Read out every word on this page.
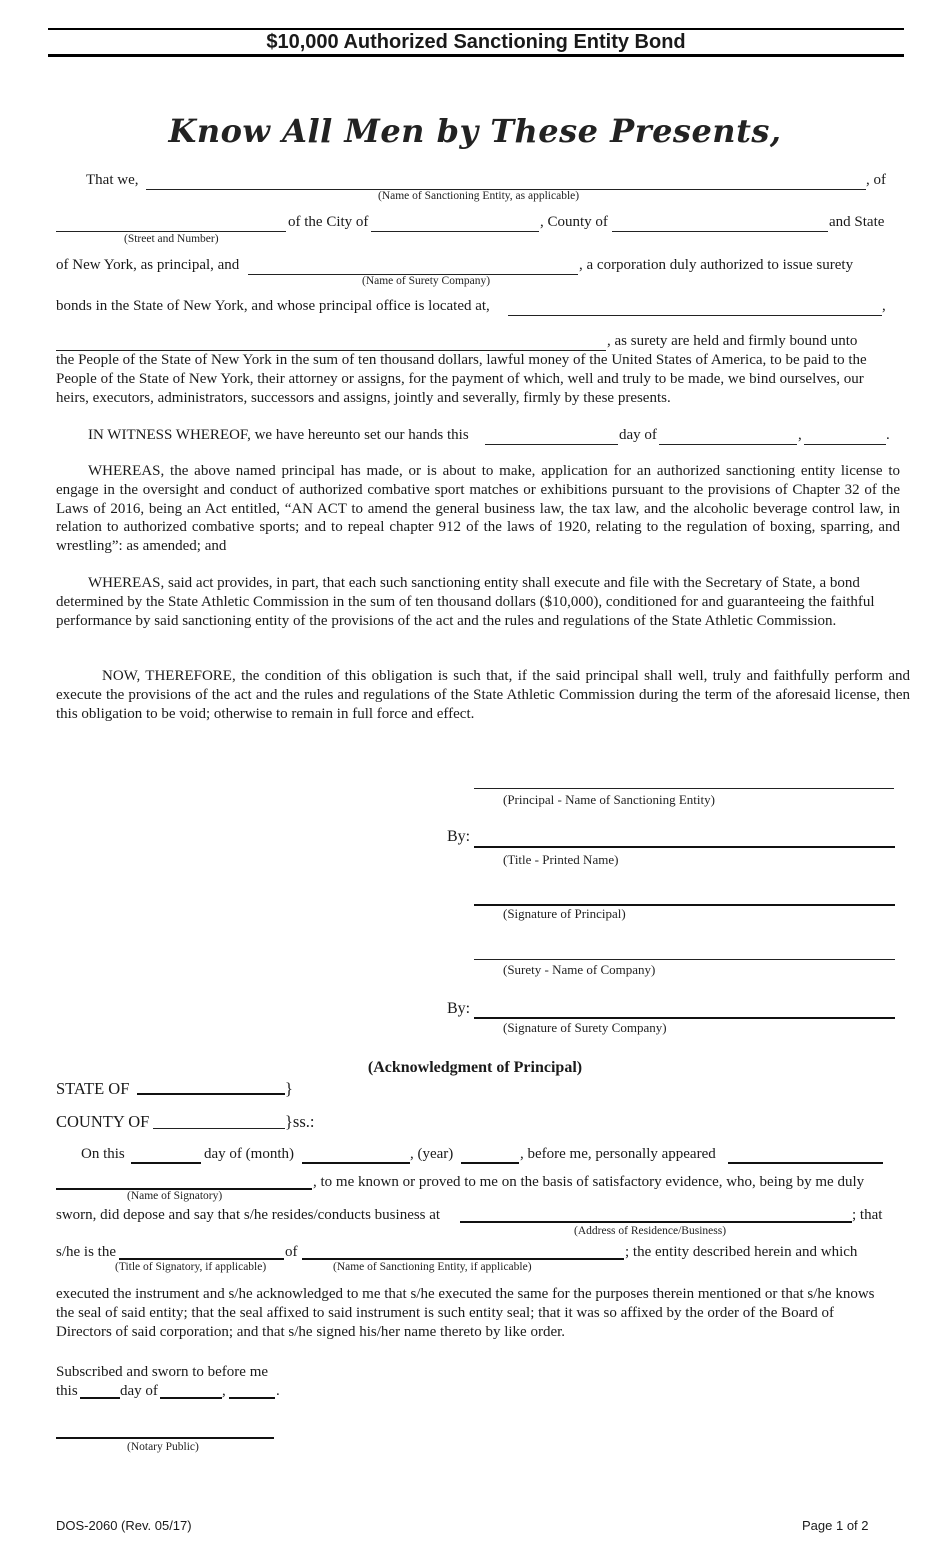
$10,000 Authorized Sanctioning Entity Bond
Know All Men by These Presents,
That we,	, of
(Name of Sanctioning Entity, as applicable)
of the City of	, County of	and State
(Street and Number)
of New York, as principal, and	, a corporation duly authorized to issue surety
(Name of Surety Company)
bonds in the State of New York, and whose principal office is located at,	,
, as surety are held and firmly bound unto
the People of the State of New York in the sum of ten thousand dollars, lawful money of the United States of America, to be paid to the People of the State of New York, their attorney or assigns, for the payment of which, well and truly to be made, we bind ourselves, our heirs, executors, administrators, successors and assigns, jointly and severally, firmly by these presents.
IN WITNESS WHEREOF, we have hereunto set our hands this	day of	,	.
WHEREAS, the above named principal has made, or is about to make, application for an authorized sanctioning entity license to engage in the oversight and conduct of authorized combative sport matches or exhibitions pursuant to the provisions of Chapter 32 of the Laws of 2016, being an Act entitled, “AN ACT to amend the general business law, the tax law, and the alcoholic beverage control law, in relation to authorized combative sports; and to repeal chapter 912 of the laws of 1920, relating to the regulation of boxing, sparring, and wrestling”: as amended; and
WHEREAS, said act provides, in part, that each such sanctioning entity shall execute and file with the Secretary of State, a bond determined by the State Athletic Commission in the sum of ten thousand dollars ($10,000), conditioned for and guaranteeing the faithful performance by said sanctioning entity of the provisions of the act and the rules and regulations of the State Athletic Commission.
NOW, THEREFORE, the condition of this obligation is such that, if the said principal shall well, truly and faithfully perform and execute the provisions of the act and the rules and regulations of the State Athletic Commission during the term of the aforesaid license, then this obligation to be void; otherwise to remain in full force and effect.
(Principal - Name of Sanctioning Entity)
By:
(Title - Printed Name)
(Signature of Principal)
(Surety - Name of Company)
By:
(Signature of Surety Company)
(Acknowledgment of Principal)
STATE OF	}
COUNTY OF	}ss.:
On this	day of (month)	, (year)	, before me, personally appeared
, to me known or proved to me on the basis of satisfactory evidence, who, being by me duly
(Name of Signatory)
sworn, did depose and say that s/he resides/conducts business at	; that
(Address of Residence/Business)
s/he is the	of	; the entity described herein and which
(Title of Signatory, if applicable)	(Name of Sanctioning Entity, if applicable)
executed the instrument and s/he acknowledged to me that s/he executed the same for the purposes therein mentioned or that s/he knows the seal of said entity; that the seal affixed to said instrument is such entity seal; that it was so affixed by the order of the Board of Directors of said corporation; and that s/he signed his/her name thereto by like order.
Subscribed and sworn to before me
this	day of	,	.
(Notary Public)
DOS-2060 (Rev. 05/17)	Page 1 of 2
